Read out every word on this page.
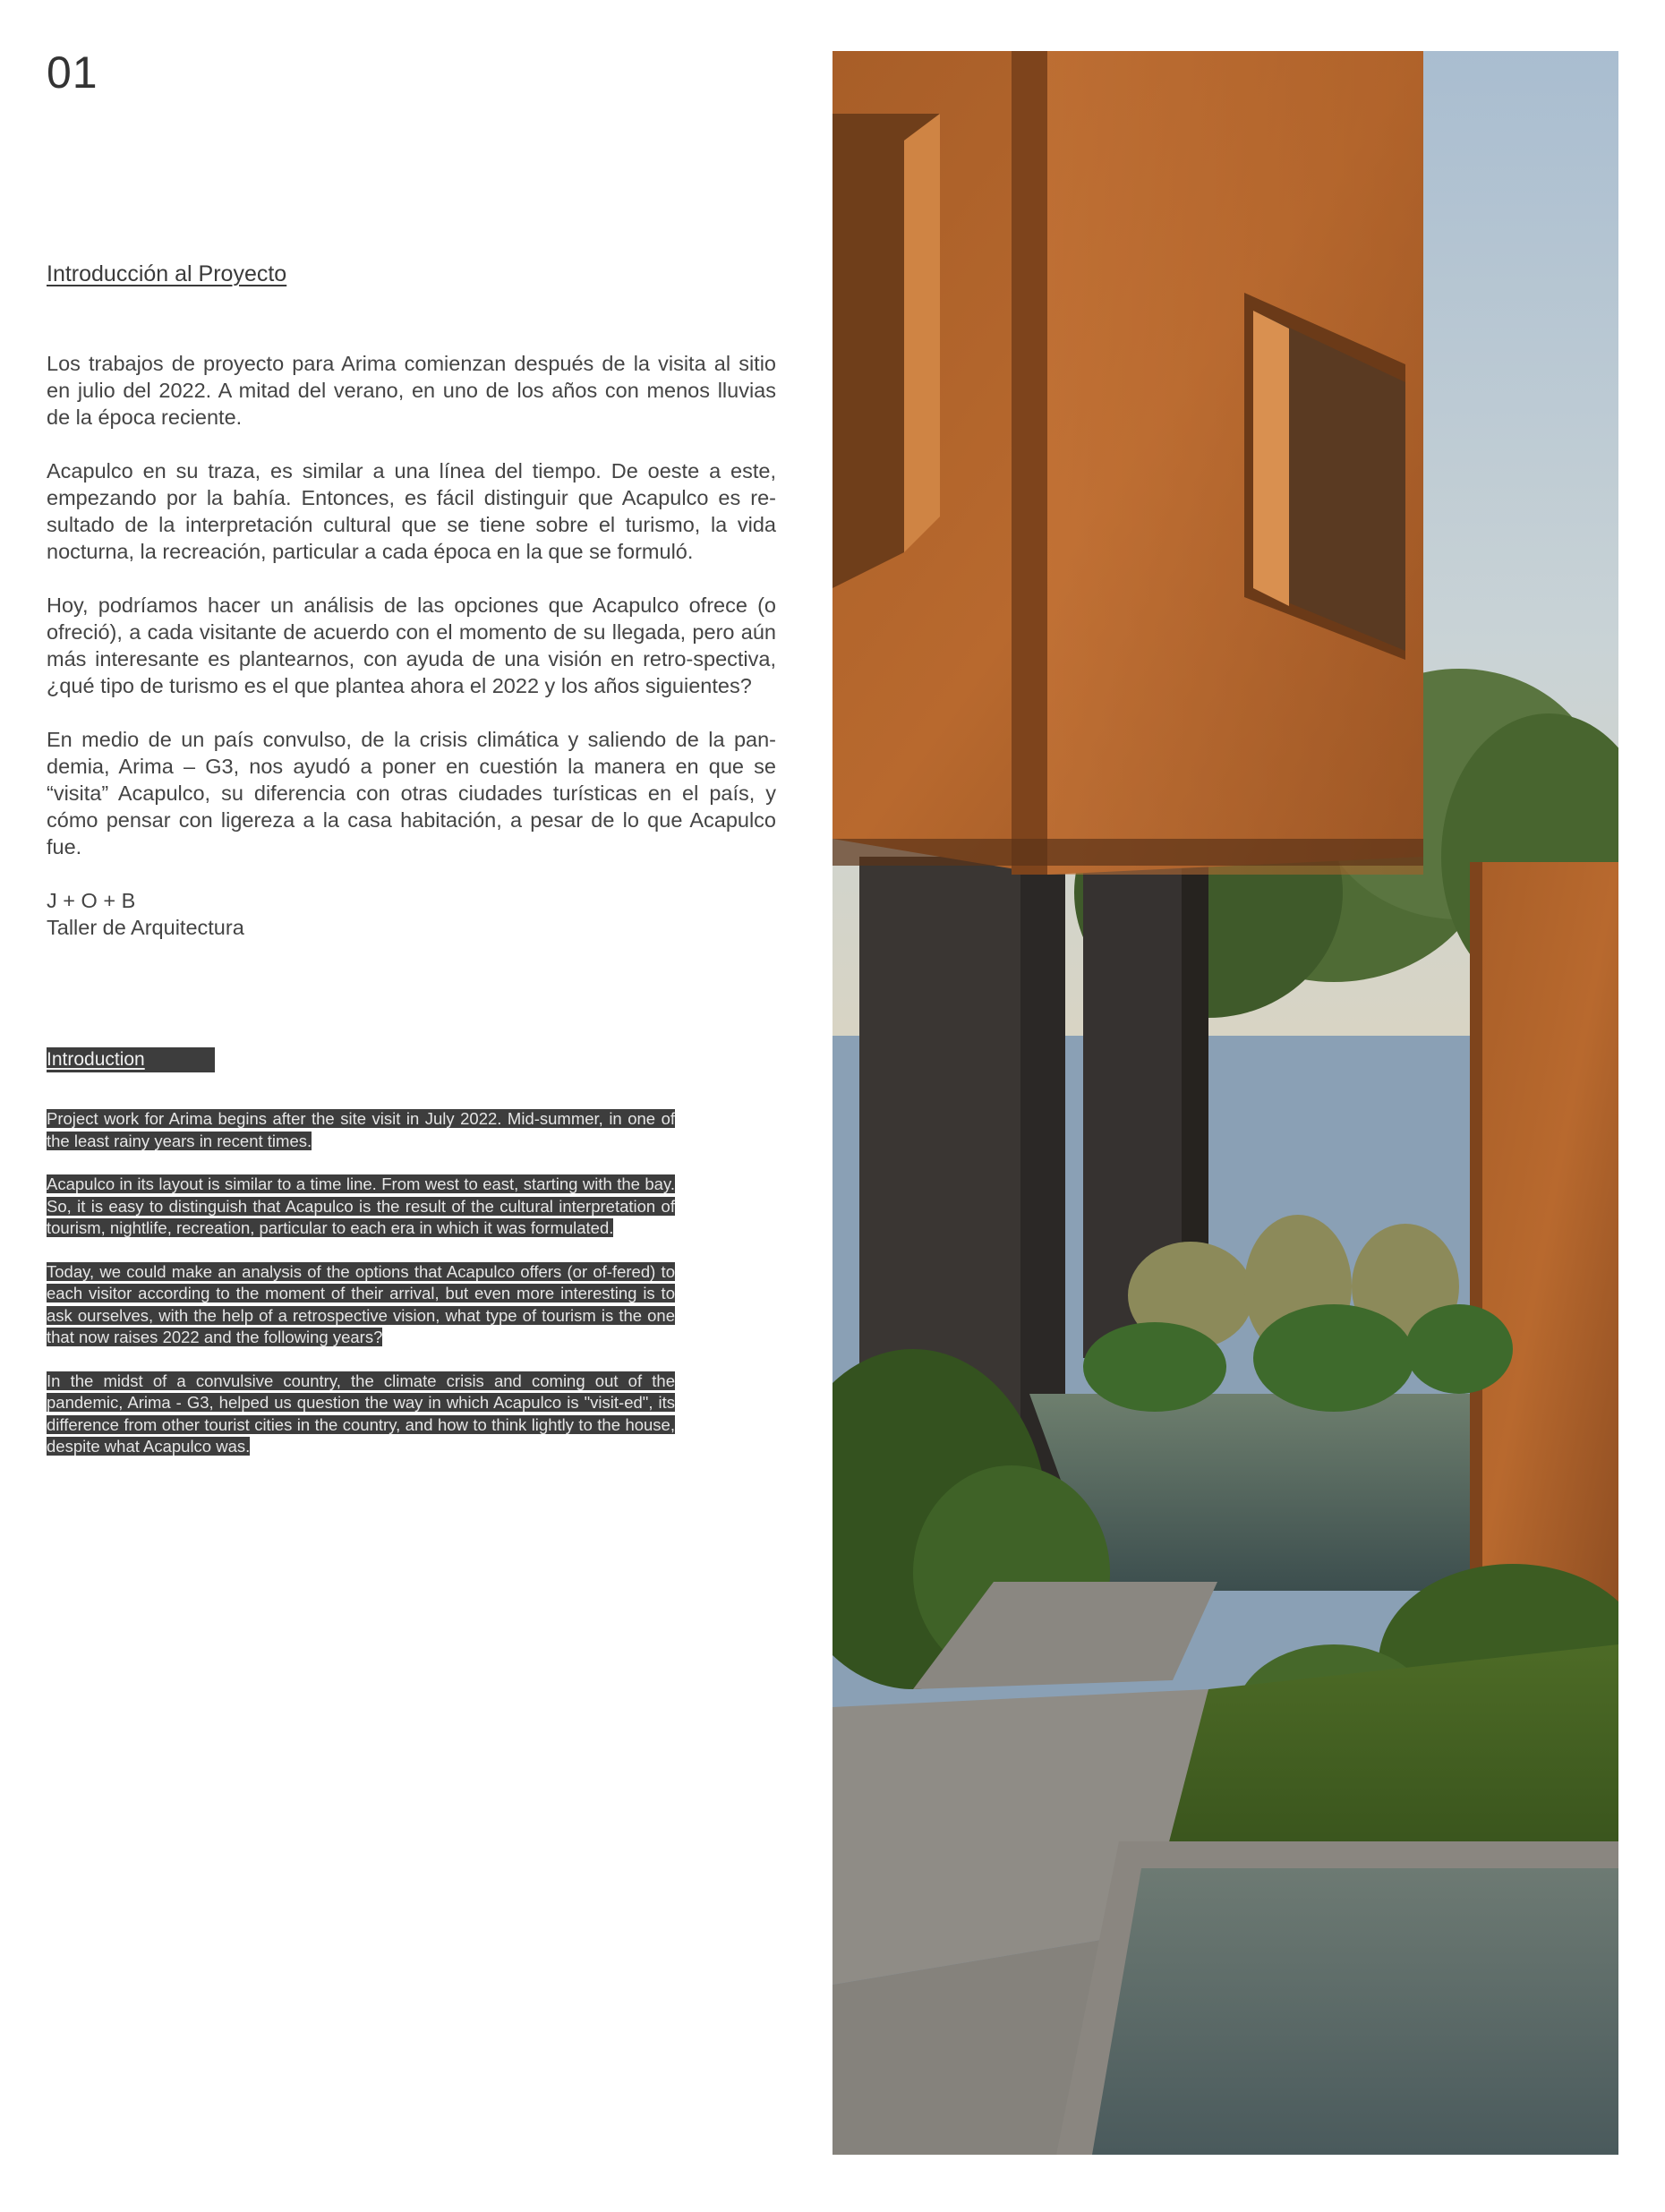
01
Introducción al Proyecto

Los trabajos de proyecto para Arima comienzan después de la visita al sitio en julio del 2022. A mitad del verano, en uno de los años con menos lluvias de la época reciente.

Acapulco en su traza, es similar a una línea del tiempo. De oeste a este, empezando por la bahía. Entonces, es fácil distinguir que Acapulco es re-sultado de la interpretación cultural que se tiene sobre el turismo, la vida nocturna, la recreación, particular a cada época en la que se formuló.

Hoy, podríamos hacer un análisis de las opciones que Acapulco ofrece (o ofreció), a cada visitante de acuerdo con el momento de su llegada, pero aún más interesante es plantearnos, con ayuda de una visión en retro-spectiva, ¿qué tipo de turismo es el que plantea ahora el 2022 y los años siguientes?

En medio de un país convulso, de la crisis climática y saliendo de la pan-demia, Arima – G3, nos ayudó a poner en cuestión la manera en que se “visita” Acapulco, su diferencia con otras ciudades turísticas en el país, y cómo pensar con ligereza a la casa habitación, a pesar de lo que Acapulco fue.

J + O + B
Taller de Arquitectura
Introduction

Project work for Arima begins after the site visit in July 2022. Mid-summer, in one of the least rainy years in recent times.

Acapulco in its layout is similar to a time line. From west to east, starting with the bay. So, it is easy to distinguish that Acapulco is the result of the cultural interpretation of tourism, nightlife, recreation, particular to each era in which it was formulated.

Today, we could make an analysis of the options that Acapulco offers (or of-fered) to each visitor according to the moment of their arrival, but even more interesting is to ask ourselves, with the help of a retrospective vision, what type of tourism is the one that now raises 2022 and the following years?

In the midst of a convulsive country, the climate crisis and coming out of the pandemic, Arima - G3, helped us question the way in which Acapulco is "visit-ed", its difference from other tourist cities in the country, and how to think lightly to the house, despite what Acapulco was.
